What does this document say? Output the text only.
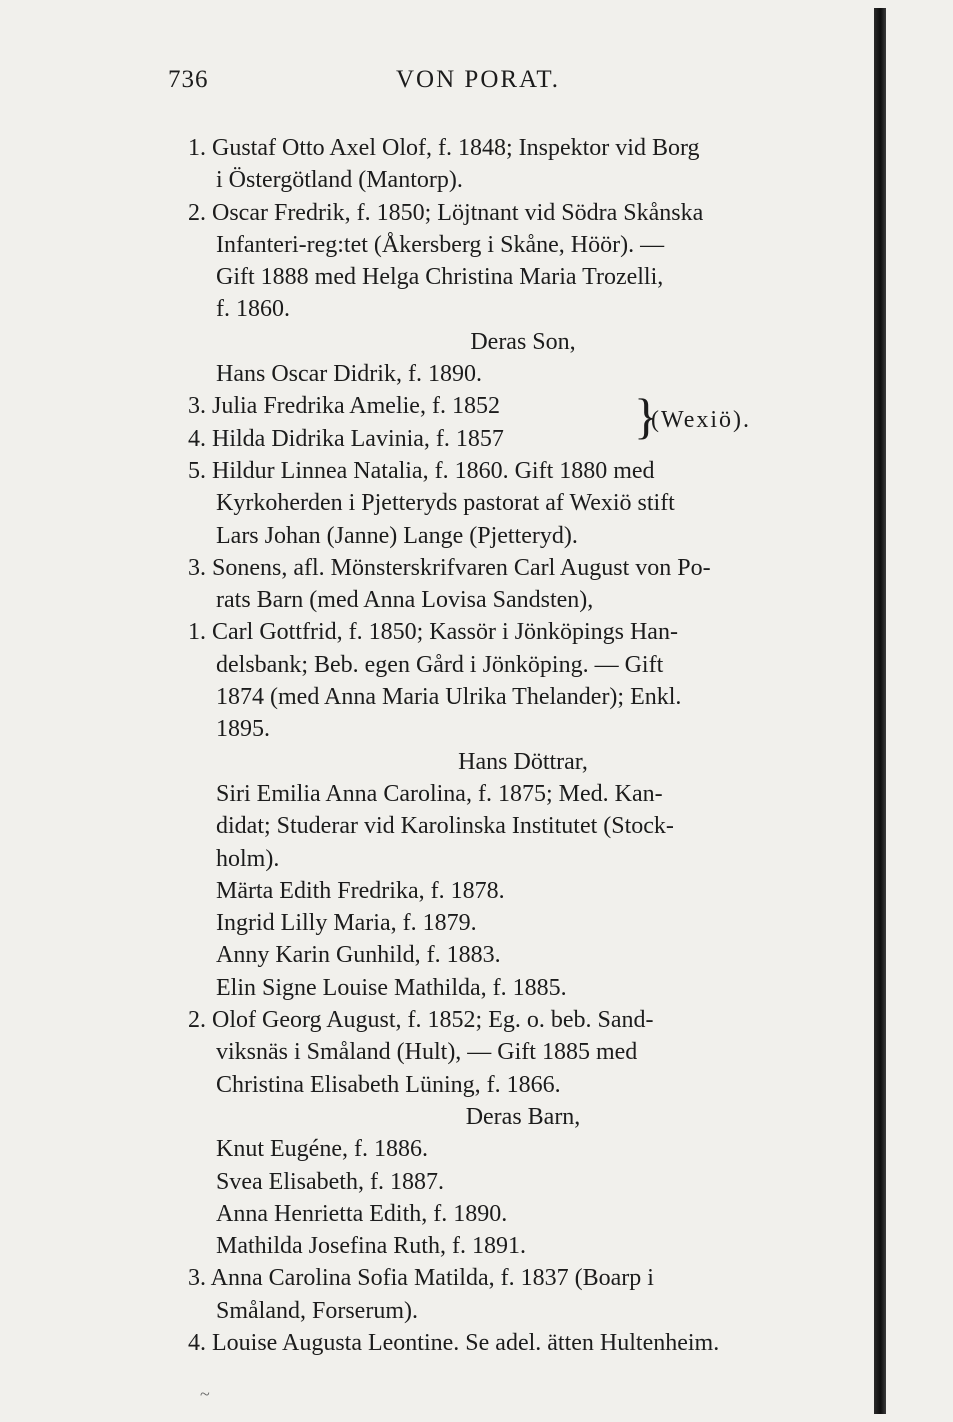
736	VON PORAT.
1. Gustaf Otto Axel Olof, f. 1848; Inspektor vid Borg
i Östergötland (Mantorp).
2. Oscar Fredrik, f. 1850; Löjtnant vid Södra Skånska
Infanteri-reg:tet (Åkersberg i Skåne, Höör). —
Gift 1888 med Helga Christina Maria Trozelli,
f. 1860.
Deras Son,
Hans Oscar Didrik, f. 1890.
3. Julia Fredrika Amelie, f. 1852	}
(Wexiö).
4. Hilda Didrika Lavinia, f. 1857
5. Hildur Linnea Natalia, f. 1860. Gift 1880 med
Kyrkoherden i Pjetteryds pastorat af Wexiö stift
Lars Johan (Janne) Lange (Pjetteryd).
3. Sonens, afl. Mönsterskrifvaren Carl August von Po-
rats Barn (med Anna Lovisa Sandsten),
1. Carl Gottfrid, f. 1850; Kassör i Jönköpings Han-
delsbank; Beb. egen Gård i Jönköping. — Gift
1874 (med Anna Maria Ulrika Thelander); Enkl.
1895.
Hans Döttrar,
Siri Emilia Anna Carolina, f. 1875; Med. Kan-
didat; Studerar vid Karolinska Institutet (Stock-
holm).
Märta Edith Fredrika, f. 1878.
Ingrid Lilly Maria, f. 1879.
Anny Karin Gunhild, f. 1883.
Elin Signe Louise Mathilda, f. 1885.
2. Olof Georg August, f. 1852; Eg. o. beb. Sand-
viksnäs i Småland (Hult), — Gift 1885 med
Christina Elisabeth Lüning, f. 1866.
Deras Barn,
Knut Eugéne, f. 1886.
Svea Elisabeth, f. 1887.
Anna Henrietta Edith, f. 1890.
Mathilda Josefina Ruth, f. 1891.
3. Anna Carolina Sofia Matilda, f. 1837 (Boarp i
Småland, Forserum).
4. Louise Augusta Leontine. Se adel. ätten Hultenheim.
~
